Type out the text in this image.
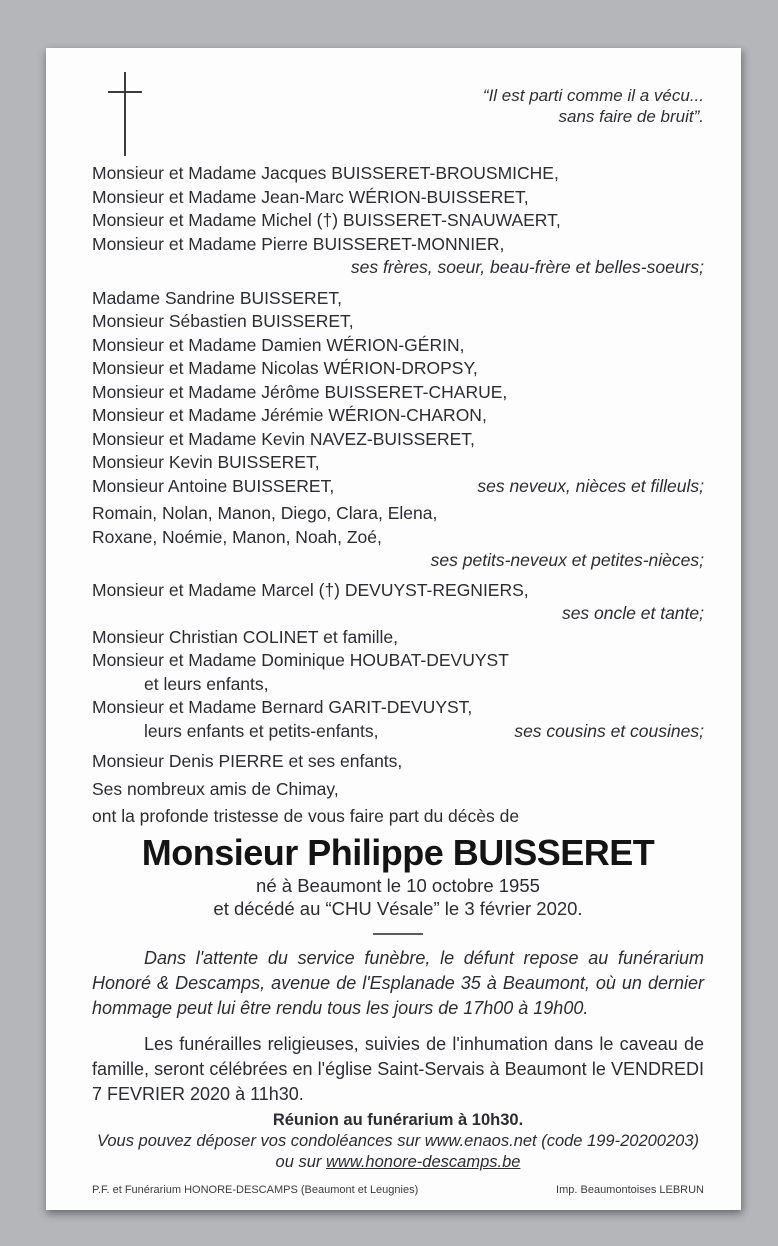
“Il est parti comme il a vécu...
sans faire de bruit”.
Monsieur et Madame Jacques BUISSERET-BROUSMICHE,
Monsieur et Madame Jean-Marc WÉRION-BUISSERET,
Monsieur et Madame Michel (†) BUISSERET-SNAUWAERT,
Monsieur et Madame Pierre BUISSERET-MONNIER,
ses frères, soeur, beau-frère et belles-soeurs;
Madame Sandrine BUISSERET,
Monsieur Sébastien BUISSERET,
Monsieur et Madame Damien WÉRION-GÉRIN,
Monsieur et Madame Nicolas WÉRION-DROPSY,
Monsieur et Madame Jérôme BUISSERET-CHARUE,
Monsieur et Madame Jérémie WÉRION-CHARON,
Monsieur et Madame Kevin NAVEZ-BUISSERET,
Monsieur Kevin BUISSERET,
Monsieur Antoine BUISSERET,	ses neveux, nièces et filleuls;
Romain, Nolan, Manon, Diego, Clara, Elena,
Roxane, Noémie, Manon, Noah, Zoé,
ses petits-neveux et petites-nièces;
Monsieur et Madame Marcel (†) DEVUYST-REGNIERS,
ses oncle et tante;
Monsieur Christian COLINET et famille,
Monsieur et Madame Dominique HOUBAT-DEVUYST
et leurs enfants,
Monsieur et Madame Bernard GARIT-DEVUYST,
leurs enfants et petits-enfants,	ses cousins et cousines;
Monsieur Denis PIERRE et ses enfants,
Ses nombreux amis de Chimay,
ont la profonde tristesse de vous faire part du décès de
Monsieur Philippe BUISSERET
né à Beaumont le 10 octobre 1955
et décédé au “CHU Vésale” le 3 février 2020.
Dans l'attente du service funèbre, le défunt repose au funérarium Honoré & Descamps, avenue de l'Esplanade 35 à Beaumont, où un dernier hommage peut lui être rendu tous les jours de 17h00 à 19h00.
Les funérailles religieuses, suivies de l'inhumation dans le caveau de famille, seront célébrées en l'église Saint-Servais à Beaumont le VENDREDI 7 FEVRIER 2020 à 11h30.
Réunion au funérarium à 10h30.
Vous pouvez déposer vos condoléances sur www.enaos.net (code 199-20200203)
ou sur www.honore-descamps.be
P.F. et Funérarium HONORE-DESCAMPS (Beaumont et Leugnies)	Imp. Beaumontoises LEBRUN
